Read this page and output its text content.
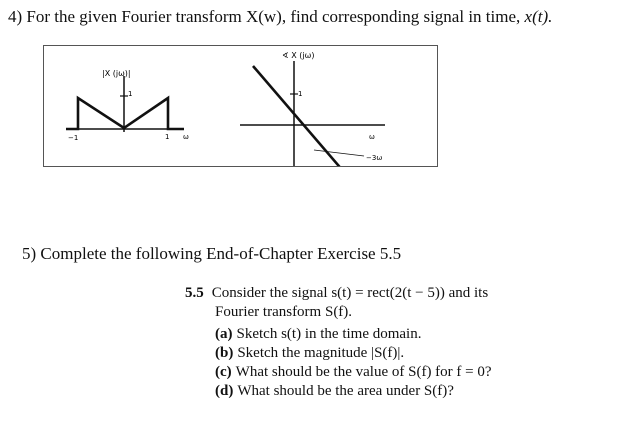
4) For the given Fourier transform X(w), find corresponding signal in time, x(t).
|X (jω)|
1
−1	1 ω
∢ X (jω)
1
ω
−3ω
5) Complete the following End-of-Chapter Exercise 5.5
5.5 Consider the signal s(t) = rect(2(t − 5)) and its
Fourier transform S(f).
(a) Sketch s(t) in the time domain.
(b) Sketch the magnitude |S(f)|.
(c) What should be the value of S(f) for f = 0?
(d) What should be the area under S(f)?
